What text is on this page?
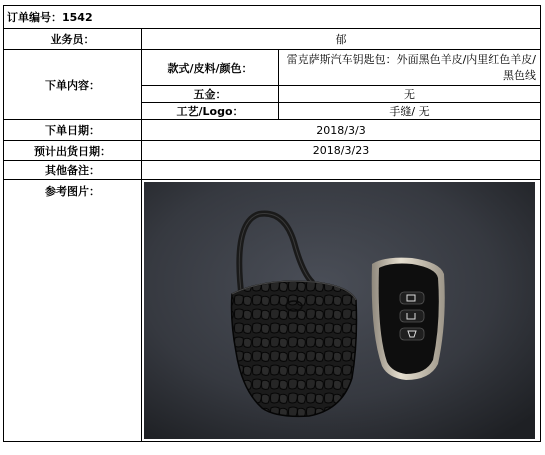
订单编号：1542		
业务员：	郁	
下单内容：	款式/皮料/颜色：	雷克萨斯汽车钥匙包：外面黑色羊皮/内里红色羊皮/黑色线
	五金：	无
	工艺/Logo：	手缝/ 无
下单日期：	2018/3/3	
预计出货日期：	2018/3/23	
其他备注：		
参考图片：	
